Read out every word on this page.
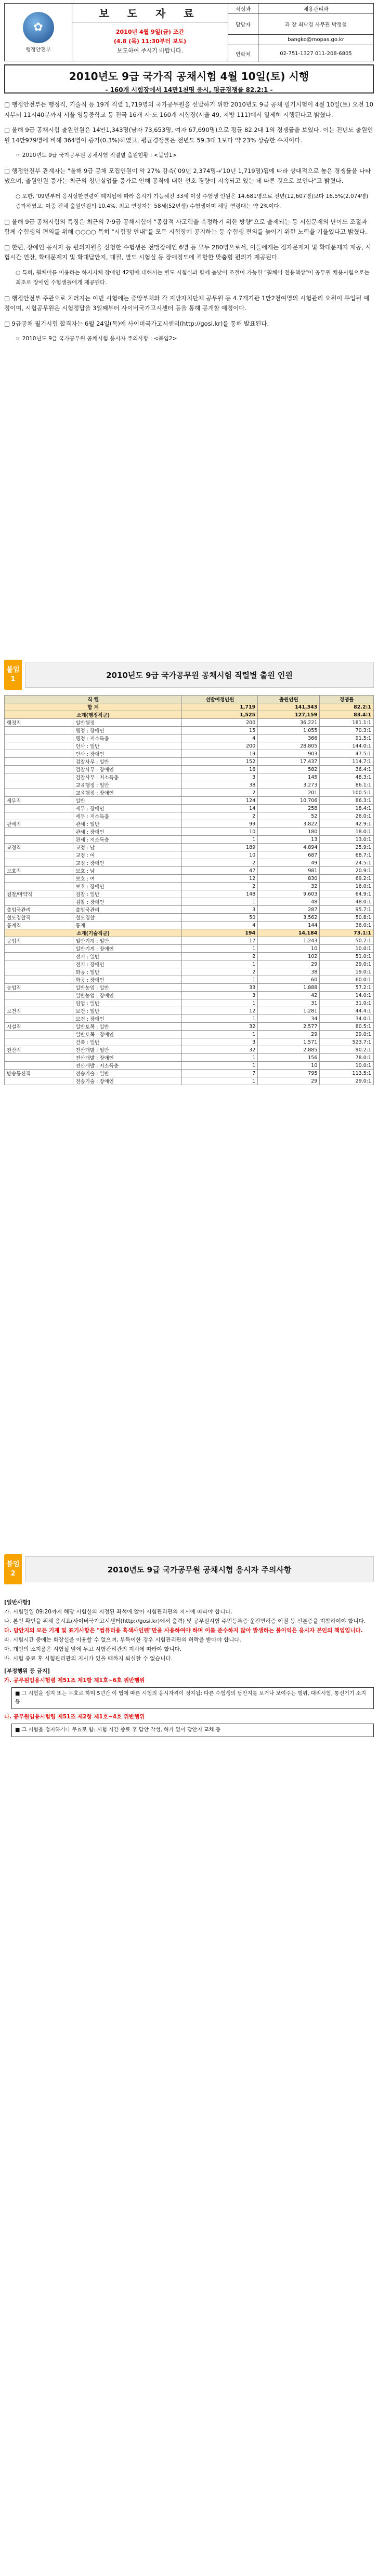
✿
행정안전부
보 도 자 료
2010년 4월 9일(금) 조간
(4.8 (목) 11:30부터 보도)
보도하여 주시기 바랍니다.
작성과	채용관리과
담당자	과 장 최낙경 사무관 박정철
bangko@mopas.go.kr
연락처	02-751-1327 011-208-6805
2010년도 9급 국가직 공채시험 4월 10일(토) 시행
- 160개 시험장에서 14만1천명 응시, 평균경쟁률 82.2:1 -

□ 행정안전부는 행정직, 기술직 등 19개 직렬 1,719명의 국가공무원을 선발하기 위한 2010년도 9급 공채 필기시험이 4월 10일(토) 오전 10시부터 11시40분까지 서울 영등중학교 등 전국 16개 시·도 160개 시험장(서울 49, 지방 111)에서 일제히 시행된다고 밝혔다.

□ 올해 9급 공채시험 출원인원은 14만1,343명(남자 73,653명, 여자 67,690명)으로 평균 82.2대 1의 경쟁률을 보였다. 이는 전년도 출원인원 14만979명에 비해 364명이 증가(0.3%)하였고, 평균경쟁률은 전년도 59.3대 1보다 약 23% 상승한 수치이다.

☞ 2010년도 9급 국가공무원 공채시험 직렬별 출원현황 : <붙임1>

□ 행정안전부 관계자는 "올해 9급 공채 모집인원이 약 27% 감축('09년 2,374명→'10년 1,719명)됨에 따라 상대적으로 높은 경쟁률을 나타냈으며, 출원인원 증가는 최근의 청년실업률 증가로 인해 공직에 대한 선호 경향이 지속되고 있는 데 따른 것으로 보인다"고 밝혔다.

○ 또한, '09년부터 응시상한연령이 폐지됨에 따라 응시가 가능해진 33세 이상 수험생 인원은 14,681명으로 전년(12,607명)보다 16.5%(2,074명) 증가하였고, 이중 전체 출원인원의 10.4%, 최고 연장자는 58세(52년생) 수험생이며 해당 연령대는 약 2%이다.

□ 올해 9급 공채시험의 특징은 최근의 7·9급 공채시험이 "종합적 사고력을 측정하기 위한 방향"으로 출제되는 등 시험문제의 난이도 조절과 함께 수험생의 편의를 위해 ○○○○ 특히 "시험장 안내"를 모든 시험장에 공지하는 등 수험생 편의를 높이기 위한 노력을 기울였다고 밝혔다.

□ 한편, 장애인 응시자 등 편의지원을 신청한 수험생은 전맹장애인 6명 등 모두 280명으로서, 이들에게는 점자문제지 및 확대문제지 제공, 시험시간 연장, 확대문제지 및 확대답안지, 대필, 별도 시험실 등 장애정도에 적합한 맞춤형 편의가 제공된다.

○ 특히, 휠체어를 이용하는 하지지체 장애인 42명에 대해서는 별도 시험실과 함께 높낮이 조절이 가능한 "휠체어 전용책상"이 공무원 채용시험으로는 최초로 장애인 수험생들에게 제공된다.

□ 행정안전부 주관으로 치러지는 이번 시험에는 중앙부처와 각 지방자치단체 공무원 등 4.7개기관 1만2천여명의 시험관리 요원이 투입될 예정이며, 시험공무원은 시험정답을 3일째부터 사이버국가고시센터 등을 통해 공개할 예정이다.

□ 9급공채 필기시험 합격자는 6월 24일(목)에 사이버국가고시센터(http://gosi.kr)를 통해 발표된다.

☞ 2010년도 9급 국가공무원 공채시험 응시자 주의사항 : <붙임2>

붙임
1	2010년도 9급 국가공무원 공채시험 직렬별 출원 인원
직 렬		선발예정인원	출원인원	경쟁률
합 계		1,719	141,343	82.2:1
소계(행정직군)		1,525	127,159	83.4:1
행정직	일반행정	200	36,221	181.1:1
	행정 : 장애인	15	1,055	70.3:1
	행정 : 저소득층	4	366	91.5:1
	인사 : 일반	200	28,805	144.0:1
	인사 : 장애인	19	903	47.5:1
	검찰사무 : 일반	152	17,437	114.7:1
	검찰사무 : 장애인	16	582	36.4:1
	검찰사무 : 저소득층	3	145	48.3:1
	교육행정 : 일반	38	3,273	86.1:1
	교육행정 : 장애인	2	201	100.5:1
세무직	일반	124	10,706	86.3:1
	세무 : 장애인	14	258	18.4:1
	세무 : 저소득층	2	52	26.0:1
관세직	관세 : 일반	99	3,822	42.9:1
	관세 : 장애인	10	180	18.0:1
	관세 : 저소득층	1	13	13.0:1
교정직	교정 : 남	189	4,894	25.9:1
	교정 : 여	10	687	68.7:1
	교정 : 장애인	2	49	24.5:1
보호직	보호 : 남	47	981	20.9:1
	보호 : 여	12	830	69.2:1
	보호 : 장애인	2	32	16.0:1
검찰/마약직	검찰 : 일반	148	9,603	64.9:1
	검찰 : 장애인	1	48	48.0:1
출입국관리	출입국관리	3	287	95.7:1
철도경찰직	철도경찰	50	3,562	50.8:1
통계직	통계	4	144	36.0:1
소계(기술직군)		194	14,184	73.1:1
공업직	일반기계 : 일반	17	1,243	50.7:1
	일반기계 : 장애인	1	10	10.0:1
	전기 : 일반	2	102	51.0:1
	전기 : 장애인	1	29	29.0:1
	화공 : 일반	2	38	19.0:1
	화공 : 장애인	1	60	60.0:1
농업직	일반농업 : 일반	33	1,888	57.2:1
	일반농업 : 장애인	3	42	14.0:1
	임업 : 일반	1	31	31.0:1
보건직	보건 : 일반	12	1,281	44.4:1
	보건 : 장애인	1	34	34.0:1
시설직	일반토목 : 일반	32	2,577	80.5:1
	일반토목 : 장애인	1	29	29.0:1
	건축 : 일반	3	1,571	523.7:1
전산직	전산개발 : 일반	32	2,885	90.2:1
	전산개발 : 장애인	1	156	78.0:1
	전산개발 : 저소득층	1	10	10.0:1
방송통신직	전송기술 : 일반	7	795	113.5:1
	전송기술 : 장애인	1	29	29.0:1
붙임
2	2010년도 9급 국가공무원 공채시험 응시자 주의사항
[일반사항]

가. 시험일일 09:20까지 해당 시험실의 지정된 좌석에 앉아 시험관리관의 지시에 따라야 합니다.

나. 본인 확인을 위해 응시표(사이버국가고시센터(http://gosi.kr)에서 출력) 및 공무원시험 주민등록증·운전면허증·여권 등 신분증을 지참하여야 합니다.

다. 답안지의 모든 기재 및 표기사항은 "컴퓨터용 흑색사인펜"만을 사용하여야 하며 이를 준수하지 않아 발생하는 불이익은 응시자 본인의 책임입니다.

라. 시험시간 중에는 화장실을 이용할 수 없으며, 부득이한 경우 시험관리관의 허락을 받아야 합니다.

마. 개인의 소지품은 시험실 앞에 두고 시험관리관의 지시에 따라야 합니다.

바. 시험 종료 후 시험관리관의 지시가 있을 때까지 퇴실할 수 없습니다.

[부정행위 등 금지]

가. 공무원임용시험령 제51조 제1항 제1호~6호 위반행위

■ 그 시험을 정지 또는 무효로 하며 5년간 이 법에 따른 시험의 응시자격이 정지됨: 다른 수험생의 답안지를 보거나 보여주는 행위, 대리시험, 통신기기 소지 등

나. 공무원임용시험령 제51조 제2항 제1호~4호 위반행위

■ 그 시험을 정지하거나 무효로 함: 시험 시간 종료 후 답안 작성, 허가 없이 답안지 교체 등
